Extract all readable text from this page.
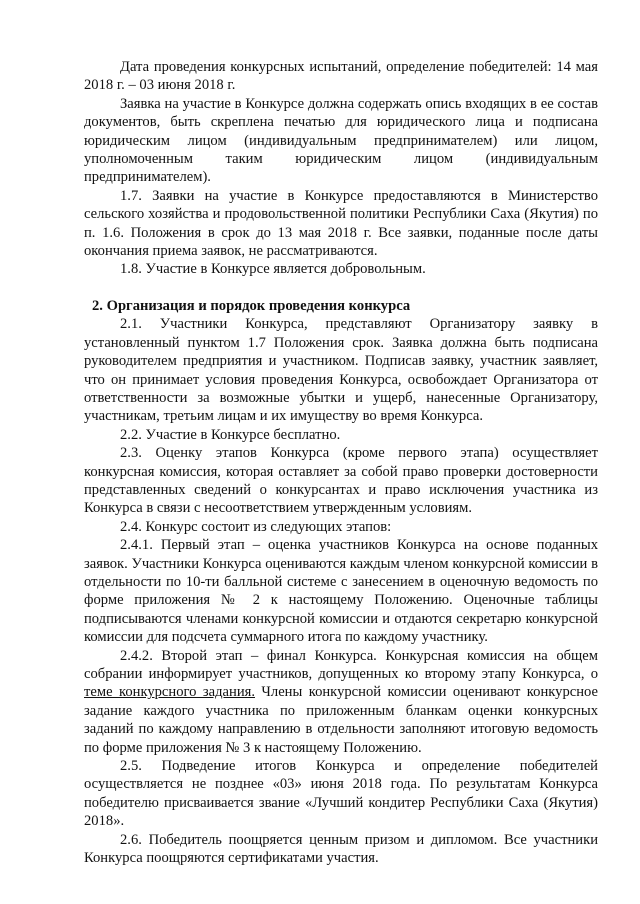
Дата проведения конкурсных испытаний, определение победителей: 14 мая 2018 г. – 03 июня 2018 г.

Заявка на участие в Конкурсе должна содержать опись входящих в ее состав документов, быть скреплена печатью для юридического лица и подписана юридическим лицом (индивидуальным предпринимателем) или лицом, уполномоченным таким юридическим лицом (индивидуальным предпринимателем).

1.7. Заявки на участие в Конкурсе предоставляются в Министерство сельского хозяйства и продовольственной политики Республики Саха (Якутия) по п. 1.6. Положения в срок до 13 мая 2018 г. Все заявки, поданные после даты окончания приема заявок, не рассматриваются.

1.8. Участие в Конкурсе является добровольным.

2. Организация и порядок проведения конкурса

2.1. Участники Конкурса, представляют Организатору заявку в установленный пунктом 1.7 Положения срок. Заявка должна быть подписана руководителем предприятия и участником. Подписав заявку, участник заявляет, что он принимает условия проведения Конкурса, освобождает Организатора от ответственности за возможные убытки и ущерб, нанесенные Организатору, участникам, третьим лицам и их имуществу во время Конкурса.

2.2. Участие в Конкурсе бесплатно.

2.3. Оценку этапов Конкурса (кроме первого этапа) осуществляет конкурсная комиссия, которая оставляет за собой право проверки достоверности представленных сведений о конкурсантах и право исключения участника из Конкурса в связи с несоответствием утвержденным условиям.

2.4. Конкурс состоит из следующих этапов:

2.4.1. Первый этап – оценка участников Конкурса на основе поданных заявок. Участники Конкурса оцениваются каждым членом конкурсной комиссии в отдельности по 10-ти балльной системе с занесением в оценочную ведомость по форме приложения № 2 к настоящему Положению. Оценочные таблицы подписываются членами конкурсной комиссии и отдаются секретарю конкурсной комиссии для подсчета суммарного итога по каждому участнику.

2.4.2. Второй этап – финал Конкурса. Конкурсная комиссия на общем собрании информирует участников, допущенных ко второму этапу Конкурса, о теме конкурсного задания. Члены конкурсной комиссии оценивают конкурсное задание каждого участника по приложенным бланкам оценки конкурсных заданий по каждому направлению в отдельности заполняют итоговую ведомость по форме приложения № 3 к настоящему Положению.

2.5. Подведение итогов Конкурса и определение победителей осуществляется не позднее «03» июня 2018 года. По результатам Конкурса победителю присваивается звание «Лучший кондитер Республики Саха (Якутия) 2018».

2.6. Победитель поощряется ценным призом и дипломом. Все участники Конкурса поощряются сертификатами участия.
